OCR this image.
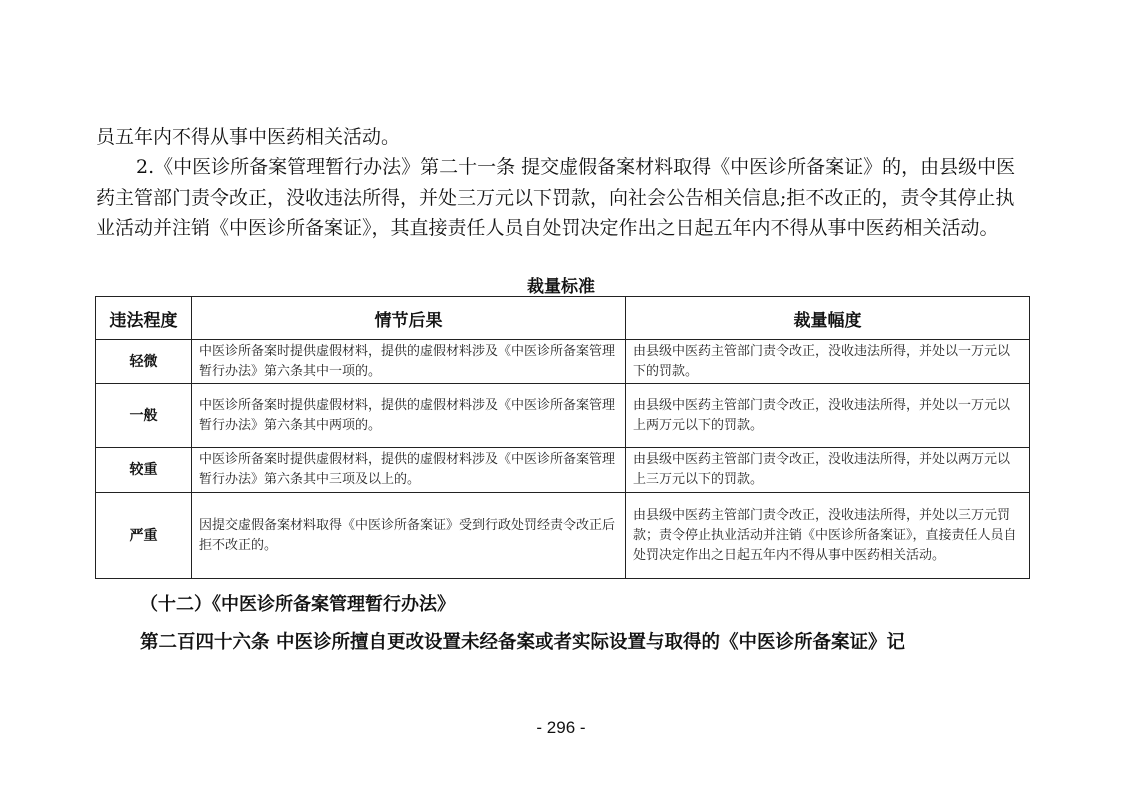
员五年内不得从事中医药相关活动。

2.《中医诊所备案管理暂行办法》第二十一条 提交虚假备案材料取得《中医诊所备案证》的，由县级中医药主管部门责令改正，没收违法所得，并处三万元以下罚款，向社会公告相关信息;拒不改正的，责令其停止执业活动并注销《中医诊所备案证》，其直接责任人员自处罚决定作出之日起五年内不得从事中医药相关活动。

裁量标准
违法程度	情节后果	裁量幅度
轻微	中医诊所备案时提供虚假材料，提供的虚假材料涉及《中医诊所备案管理暂行办法》第六条其中一项的。	由县级中医药主管部门责令改正，没收违法所得，并处以一万元以下的罚款。
一般	中医诊所备案时提供虚假材料，提供的虚假材料涉及《中医诊所备案管理暂行办法》第六条其中两项的。	由县级中医药主管部门责令改正，没收违法所得，并处以一万元以上两万元以下的罚款。
较重	中医诊所备案时提供虚假材料，提供的虚假材料涉及《中医诊所备案管理暂行办法》第六条其中三项及以上的。	由县级中医药主管部门责令改正，没收违法所得，并处以两万元以上三万元以下的罚款。
严重	因提交虚假备案材料取得《中医诊所备案证》受到行政处罚经责令改正后拒不改正的。	由县级中医药主管部门责令改正，没收违法所得，并处以三万元罚款；责令停止执业活动并注销《中医诊所备案证》，直接责任人员自处罚决定作出之日起五年内不得从事中医药相关活动。
（十二）《中医诊所备案管理暂行办法》
第二百四十六条 中医诊所擅自更改设置未经备案或者实际设置与取得的《中医诊所备案证》记
- 296 -
